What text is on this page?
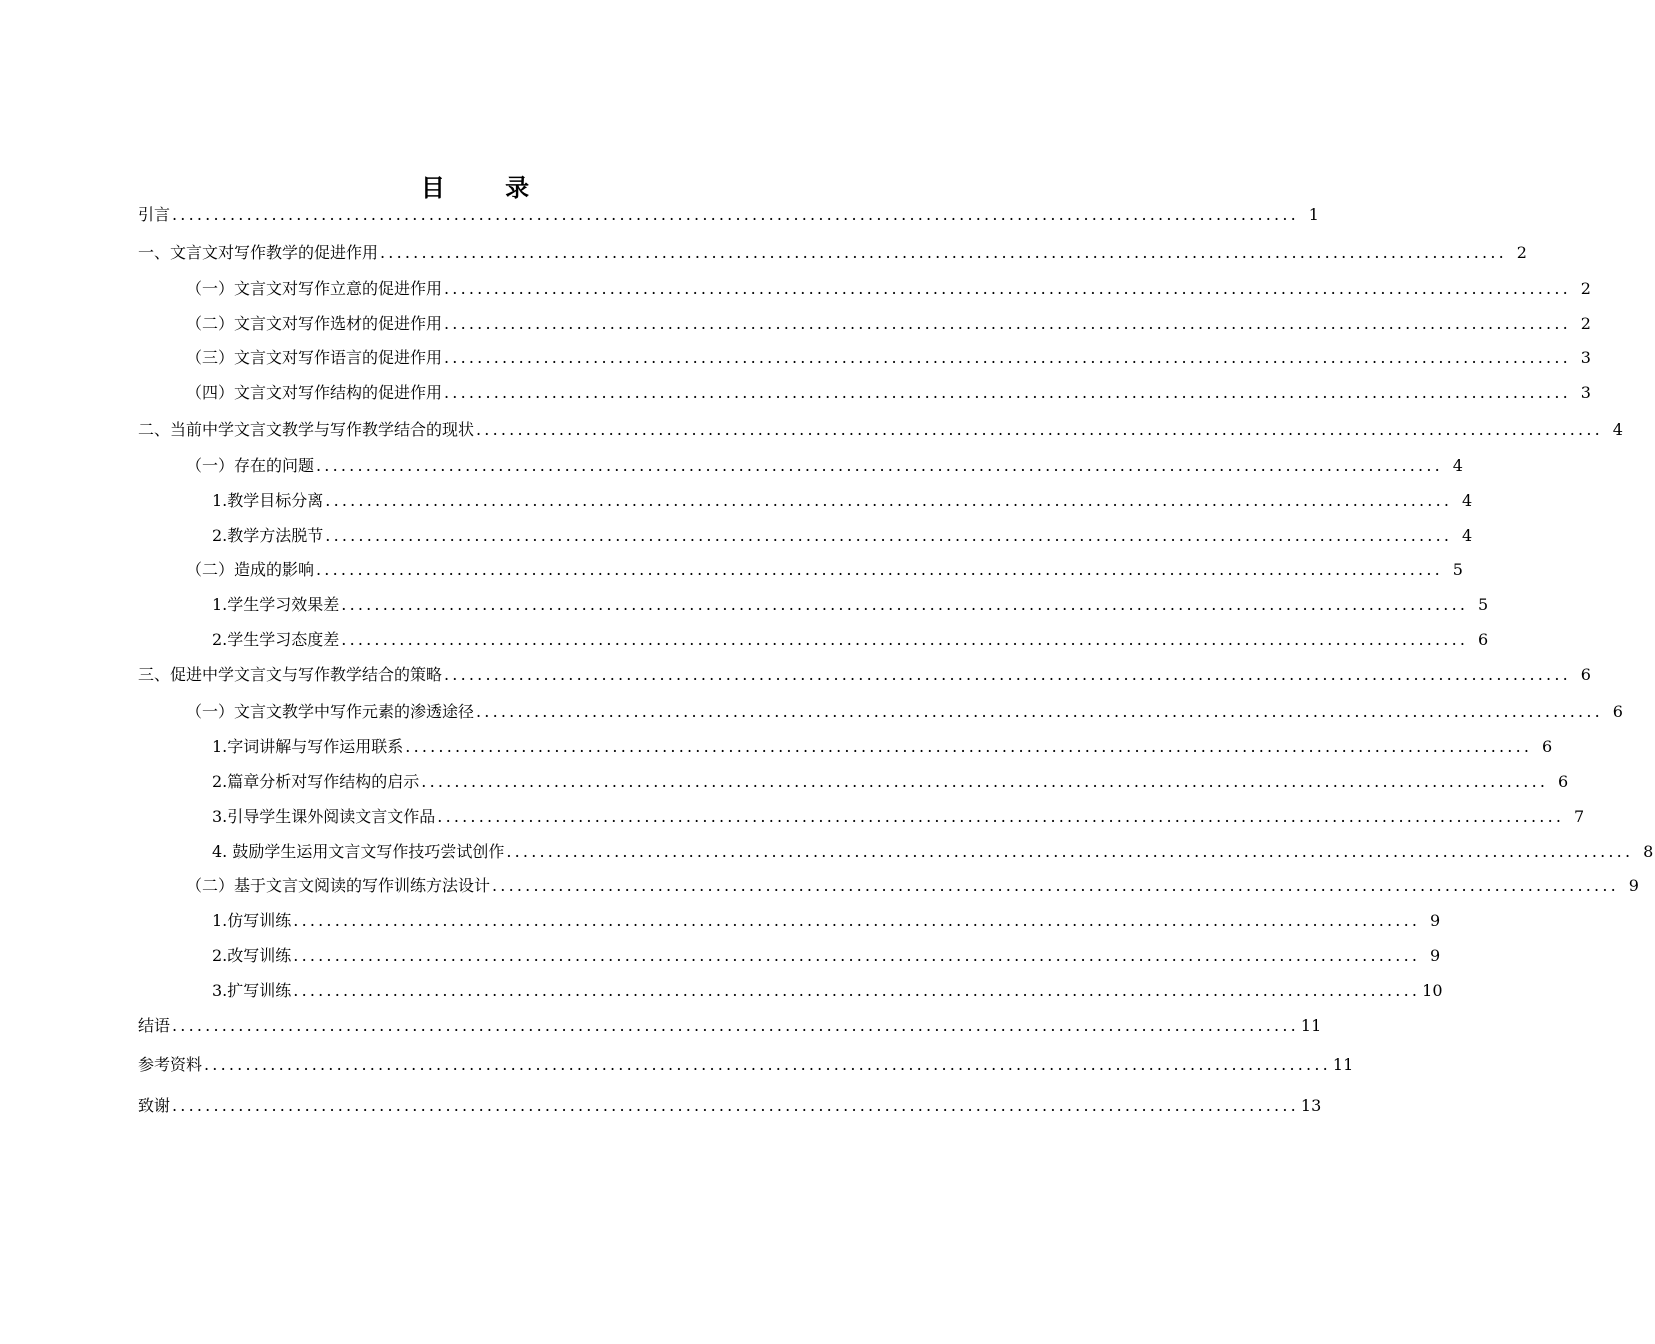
目 录
引言 ........................................................................................................................................ 1
一、文言文对写作教学的促进作用 ........................................................................................................................................ 2
（一）文言文对写作立意的促进作用 ........................................................................................................................................ 2
（二）文言文对写作选材的促进作用 ........................................................................................................................................ 2
（三）文言文对写作语言的促进作用 ........................................................................................................................................ 3
（四）文言文对写作结构的促进作用 ........................................................................................................................................ 3
二、当前中学文言文教学与写作教学结合的现状 ........................................................................................................................................ 4
（一）存在的问题 ........................................................................................................................................ 4
1.教学目标分离 ........................................................................................................................................ 4
2.教学方法脱节 ........................................................................................................................................ 4
（二）造成的影响 ........................................................................................................................................ 5
1.学生学习效果差 ........................................................................................................................................ 5
2.学生学习态度差 ........................................................................................................................................ 6
三、促进中学文言文与写作教学结合的策略 ........................................................................................................................................ 6
（一）文言文教学中写作元素的渗透途径 ........................................................................................................................................ 6
1.字词讲解与写作运用联系 ........................................................................................................................................ 6
2.篇章分析对写作结构的启示 ........................................................................................................................................ 6
3.引导学生课外阅读文言文作品 ........................................................................................................................................ 7
4. 鼓励学生运用文言文写作技巧尝试创作 ........................................................................................................................................ 8
（二）基于文言文阅读的写作训练方法设计 ........................................................................................................................................ 9
1.仿写训练 ........................................................................................................................................ 9
2.改写训练 ........................................................................................................................................ 9
3.扩写训练 ........................................................................................................................................ 10
结语 ........................................................................................................................................ 11
参考资料 ........................................................................................................................................ 11
致谢 ........................................................................................................................................ 13
